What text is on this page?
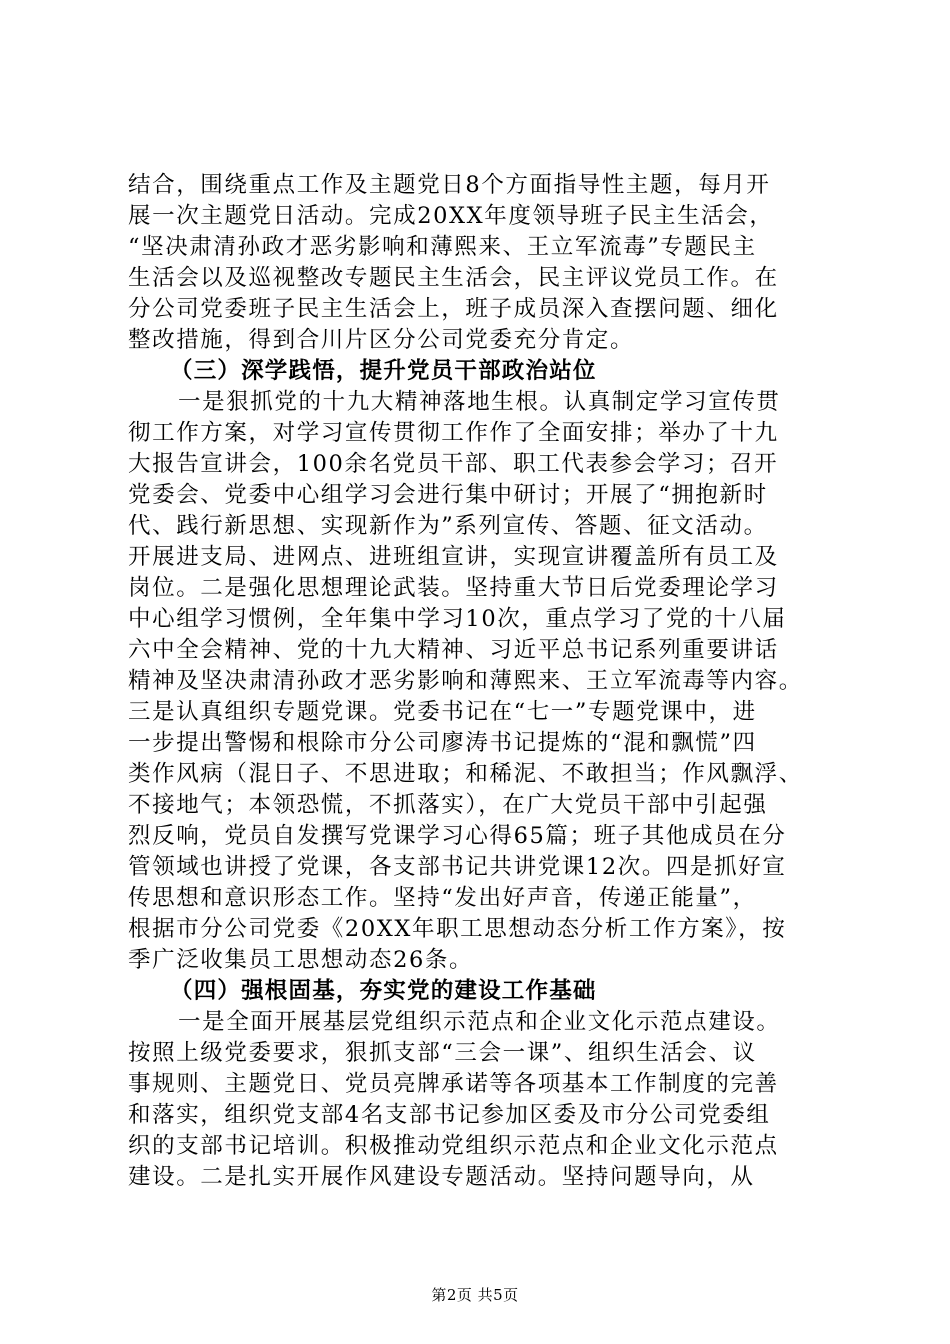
结合，围绕重点工作及主题党日8个方面指导性主题，每月开
展一次主题党日活动。完成20XX年度领导班子民主生活会，
“坚决肃清孙政才恶劣影响和薄熙来、王立军流毒”专题民主
生活会以及巡视整改专题民主生活会，民主评议党员工作。在
分公司党委班子民主生活会上，班子成员深入查摆问题、细化
整改措施，得到合川片区分公司党委充分肯定。
（三）深学践悟，提升党员干部政治站位
一是狠抓党的十九大精神落地生根。认真制定学习宣传贯
彻工作方案，对学习宣传贯彻工作作了全面安排；举办了十九
大报告宣讲会，100余名党员干部、职工代表参会学习；召开
党委会、党委中心组学习会进行集中研讨；开展了“拥抱新时
代、践行新思想、实现新作为”系列宣传、答题、征文活动。
开展进支局、进网点、进班组宣讲，实现宣讲覆盖所有员工及
岗位。二是强化思想理论武装。坚持重大节日后党委理论学习
中心组学习惯例，全年集中学习10次，重点学习了党的十八届
六中全会精神、党的十九大精神、习近平总书记系列重要讲话
精神及坚决肃清孙政才恶劣影响和薄熙来、王立军流毒等内容。
三是认真组织专题党课。党委书记在“七一”专题党课中，进
一步提出警惕和根除市分公司廖涛书记提炼的“混和飘慌”四
类作风病（混日子、不思进取；和稀泥、不敢担当；作风飘浮、
不接地气；本领恐慌，不抓落实），在广大党员干部中引起强
烈反响，党员自发撰写党课学习心得65篇；班子其他成员在分
管领域也讲授了党课，各支部书记共讲党课12次。四是抓好宣
传思想和意识形态工作。坚持“发出好声音，传递正能量”，
根据市分公司党委《20XX年职工思想动态分析工作方案》，按
季广泛收集员工思想动态26条。
（四）强根固基，夯实党的建设工作基础
一是全面开展基层党组织示范点和企业文化示范点建设。
按照上级党委要求，狠抓支部“三会一课”、组织生活会、议
事规则、主题党日、党员亮牌承诺等各项基本工作制度的完善
和落实，组织党支部4名支部书记参加区委及市分公司党委组
织的支部书记培训。积极推动党组织示范点和企业文化示范点
建设。二是扎实开展作风建设专题活动。坚持问题导向，从
第2页 共5页
